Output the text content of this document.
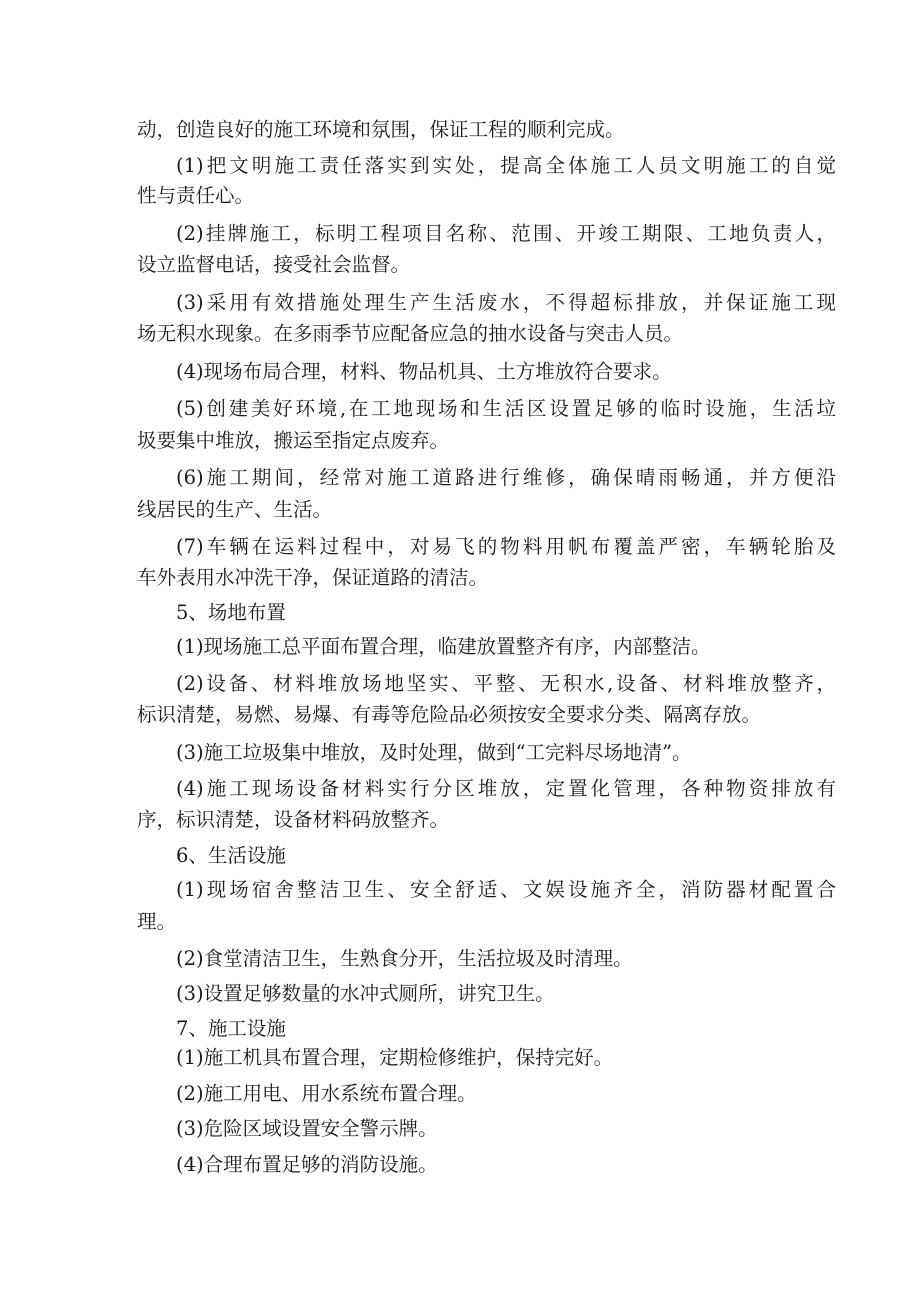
动，创造良好的施工环境和氛围，保证工程的顺利完成。
(1)把文明施工责任落实到实处，提高全体施工人员文明施工的自觉
性与责任心。
(2)挂牌施工，标明工程项目名称、范围、开竣工期限、工地负责人，
设立监督电话，接受社会监督。
(3)采用有效措施处理生产生活废水，不得超标排放，并保证施工现
场无积水现象。在多雨季节应配备应急的抽水设备与突击人员。
(4)现场布局合理，材料、物品机具、土方堆放符合要求。
(5)创建美好环境,在工地现场和生活区设置足够的临时设施，生活垃
圾要集中堆放，搬运至指定点废弃。
(6)施工期间，经常对施工道路进行维修，确保晴雨畅通，并方便沿
线居民的生产、生活。
(7)车辆在运料过程中，对易飞的物料用帆布覆盖严密，车辆轮胎及
车外表用水冲洗干净，保证道路的清洁。
5、场地布置
(1)现场施工总平面布置合理，临建放置整齐有序，内部整洁。
(2)设备、材料堆放场地坚实、平整、无积水,设备、材料堆放整齐，
标识清楚，易燃、易爆、有毒等危险品必须按安全要求分类、隔离存放。
(3)施工垃圾集中堆放，及时处理，做到“工完料尽场地清”。
(4)施工现场设备材料实行分区堆放，定置化管理，各种物资排放有
序，标识清楚，设备材料码放整齐。
6、生活设施
(1)现场宿舍整洁卫生、安全舒适、文娱设施齐全，消防器材配置合
理。
(2)食堂清洁卫生，生熟食分开，生活拉圾及时清理。
(3)设置足够数量的水冲式厕所，讲究卫生。
7、施工设施
(1)施工机具布置合理，定期检修维护，保持完好。
(2)施工用电、用水系统布置合理。
(3)危险区域设置安全警示牌。
(4)合理布置足够的消防设施。
